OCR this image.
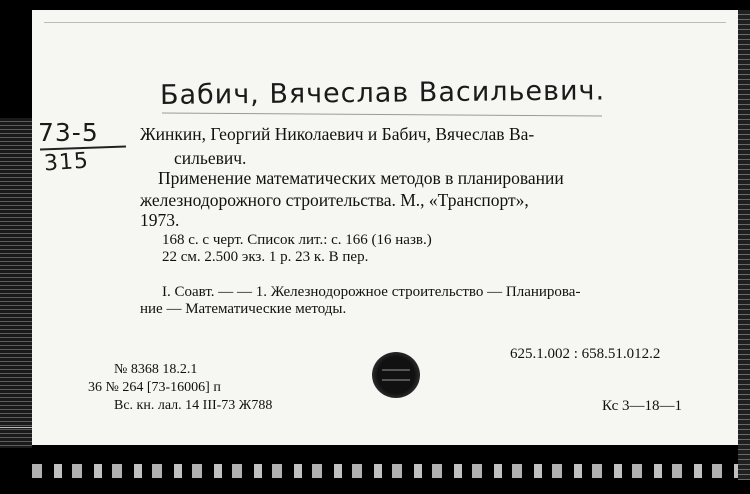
Бабич, Вячеслав Васильевич.
73-5
315
Жинкин, Георгий Николаевич и Бабич, Вячеслав Ва-
сильевич.
Применение математических методов в планировании
железнодорожного строительства. М., «Транспорт»,
1973.
168 с. с черт. Список лит.: с. 166 (16 назв.)
22 см. 2.500 экз. 1 р. 23 к. В пер.
I. Соавт. — — 1. Железнодорожное строительство — Планирова-
ние — Математические методы.
625.1.002 : 658.51.012.2
№ 8368 18.2.1
36 № 264 [73-16006] п
Вс. кн. лал. 14 III-73 Ж788	Кс 3—18—1
